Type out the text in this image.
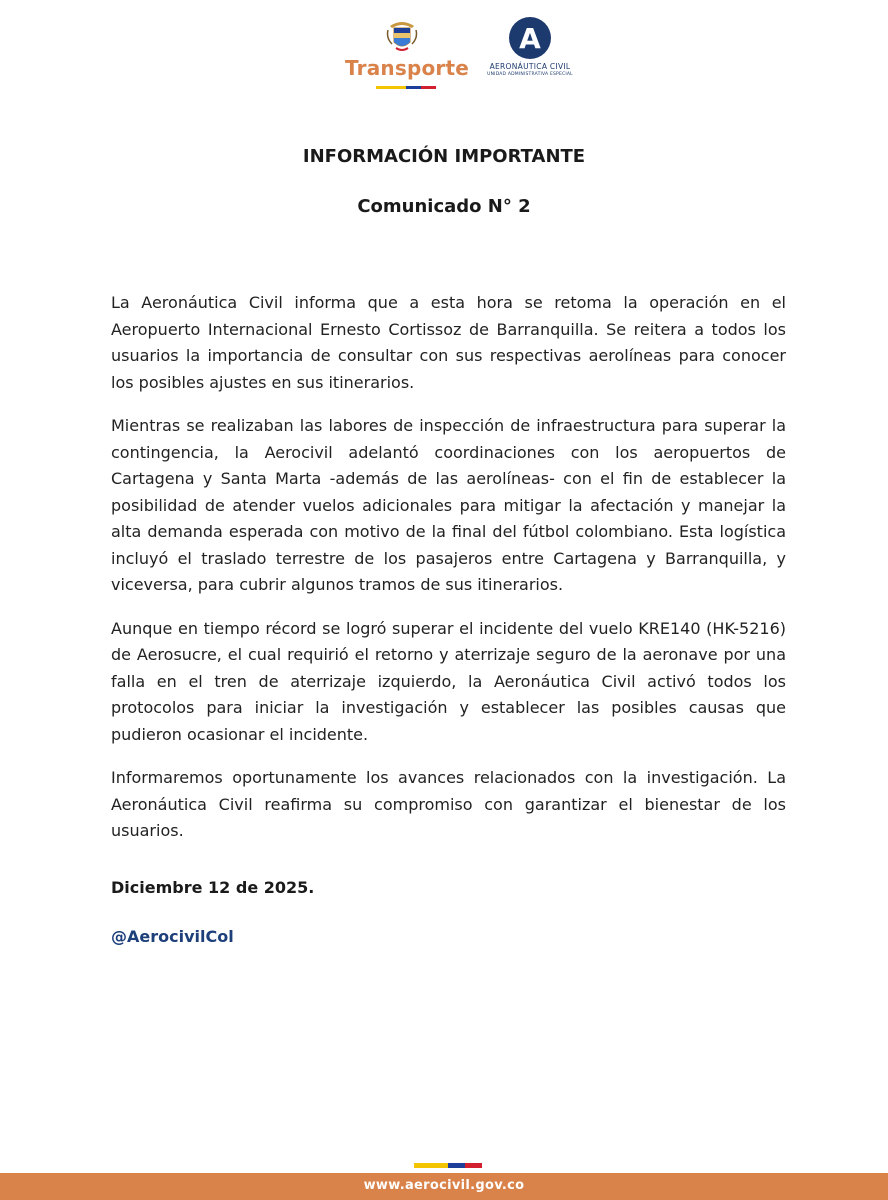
Transporte
A
AERONÁUTICA CIVIL
UNIDAD ADMINISTRATIVA ESPECIAL
INFORMACIÓN IMPORTANTE
Comunicado N° 2

La Aeronáutica Civil informa que a esta hora se retoma la operación en el Aeropuerto Internacional Ernesto Cortissoz de Barranquilla. Se reitera a todos los usuarios la importancia de consultar con sus respectivas aerolíneas para conocer los posibles ajustes en sus itinerarios.

Mientras se realizaban las labores de inspección de infraestructura para superar la contingencia, la Aerocivil adelantó coordinaciones con los aeropuertos de Cartagena y Santa Marta -además de las aerolíneas- con el fin de establecer la posibilidad de atender vuelos adicionales para mitigar la afectación y manejar la alta demanda esperada con motivo de la final del fútbol colombiano. Esta logística incluyó el traslado terrestre de los pasajeros entre Cartagena y Barranquilla, y viceversa, para cubrir algunos tramos de sus itinerarios.

Aunque en tiempo récord se logró superar el incidente del vuelo KRE140 (HK-5216) de Aerosucre, el cual requirió el retorno y aterrizaje seguro de la aeronave por una falla en el tren de aterrizaje izquierdo, la Aeronáutica Civil activó todos los protocolos para iniciar la investigación y establecer las posibles causas que pudieron ocasionar el incidente.

Informaremos oportunamente los avances relacionados con la investigación. La Aeronáutica Civil reafirma su compromiso con garantizar el bienestar de los usuarios.

Diciembre 12 de 2025.
@AerocivilCol
www.aerocivil.gov.co
